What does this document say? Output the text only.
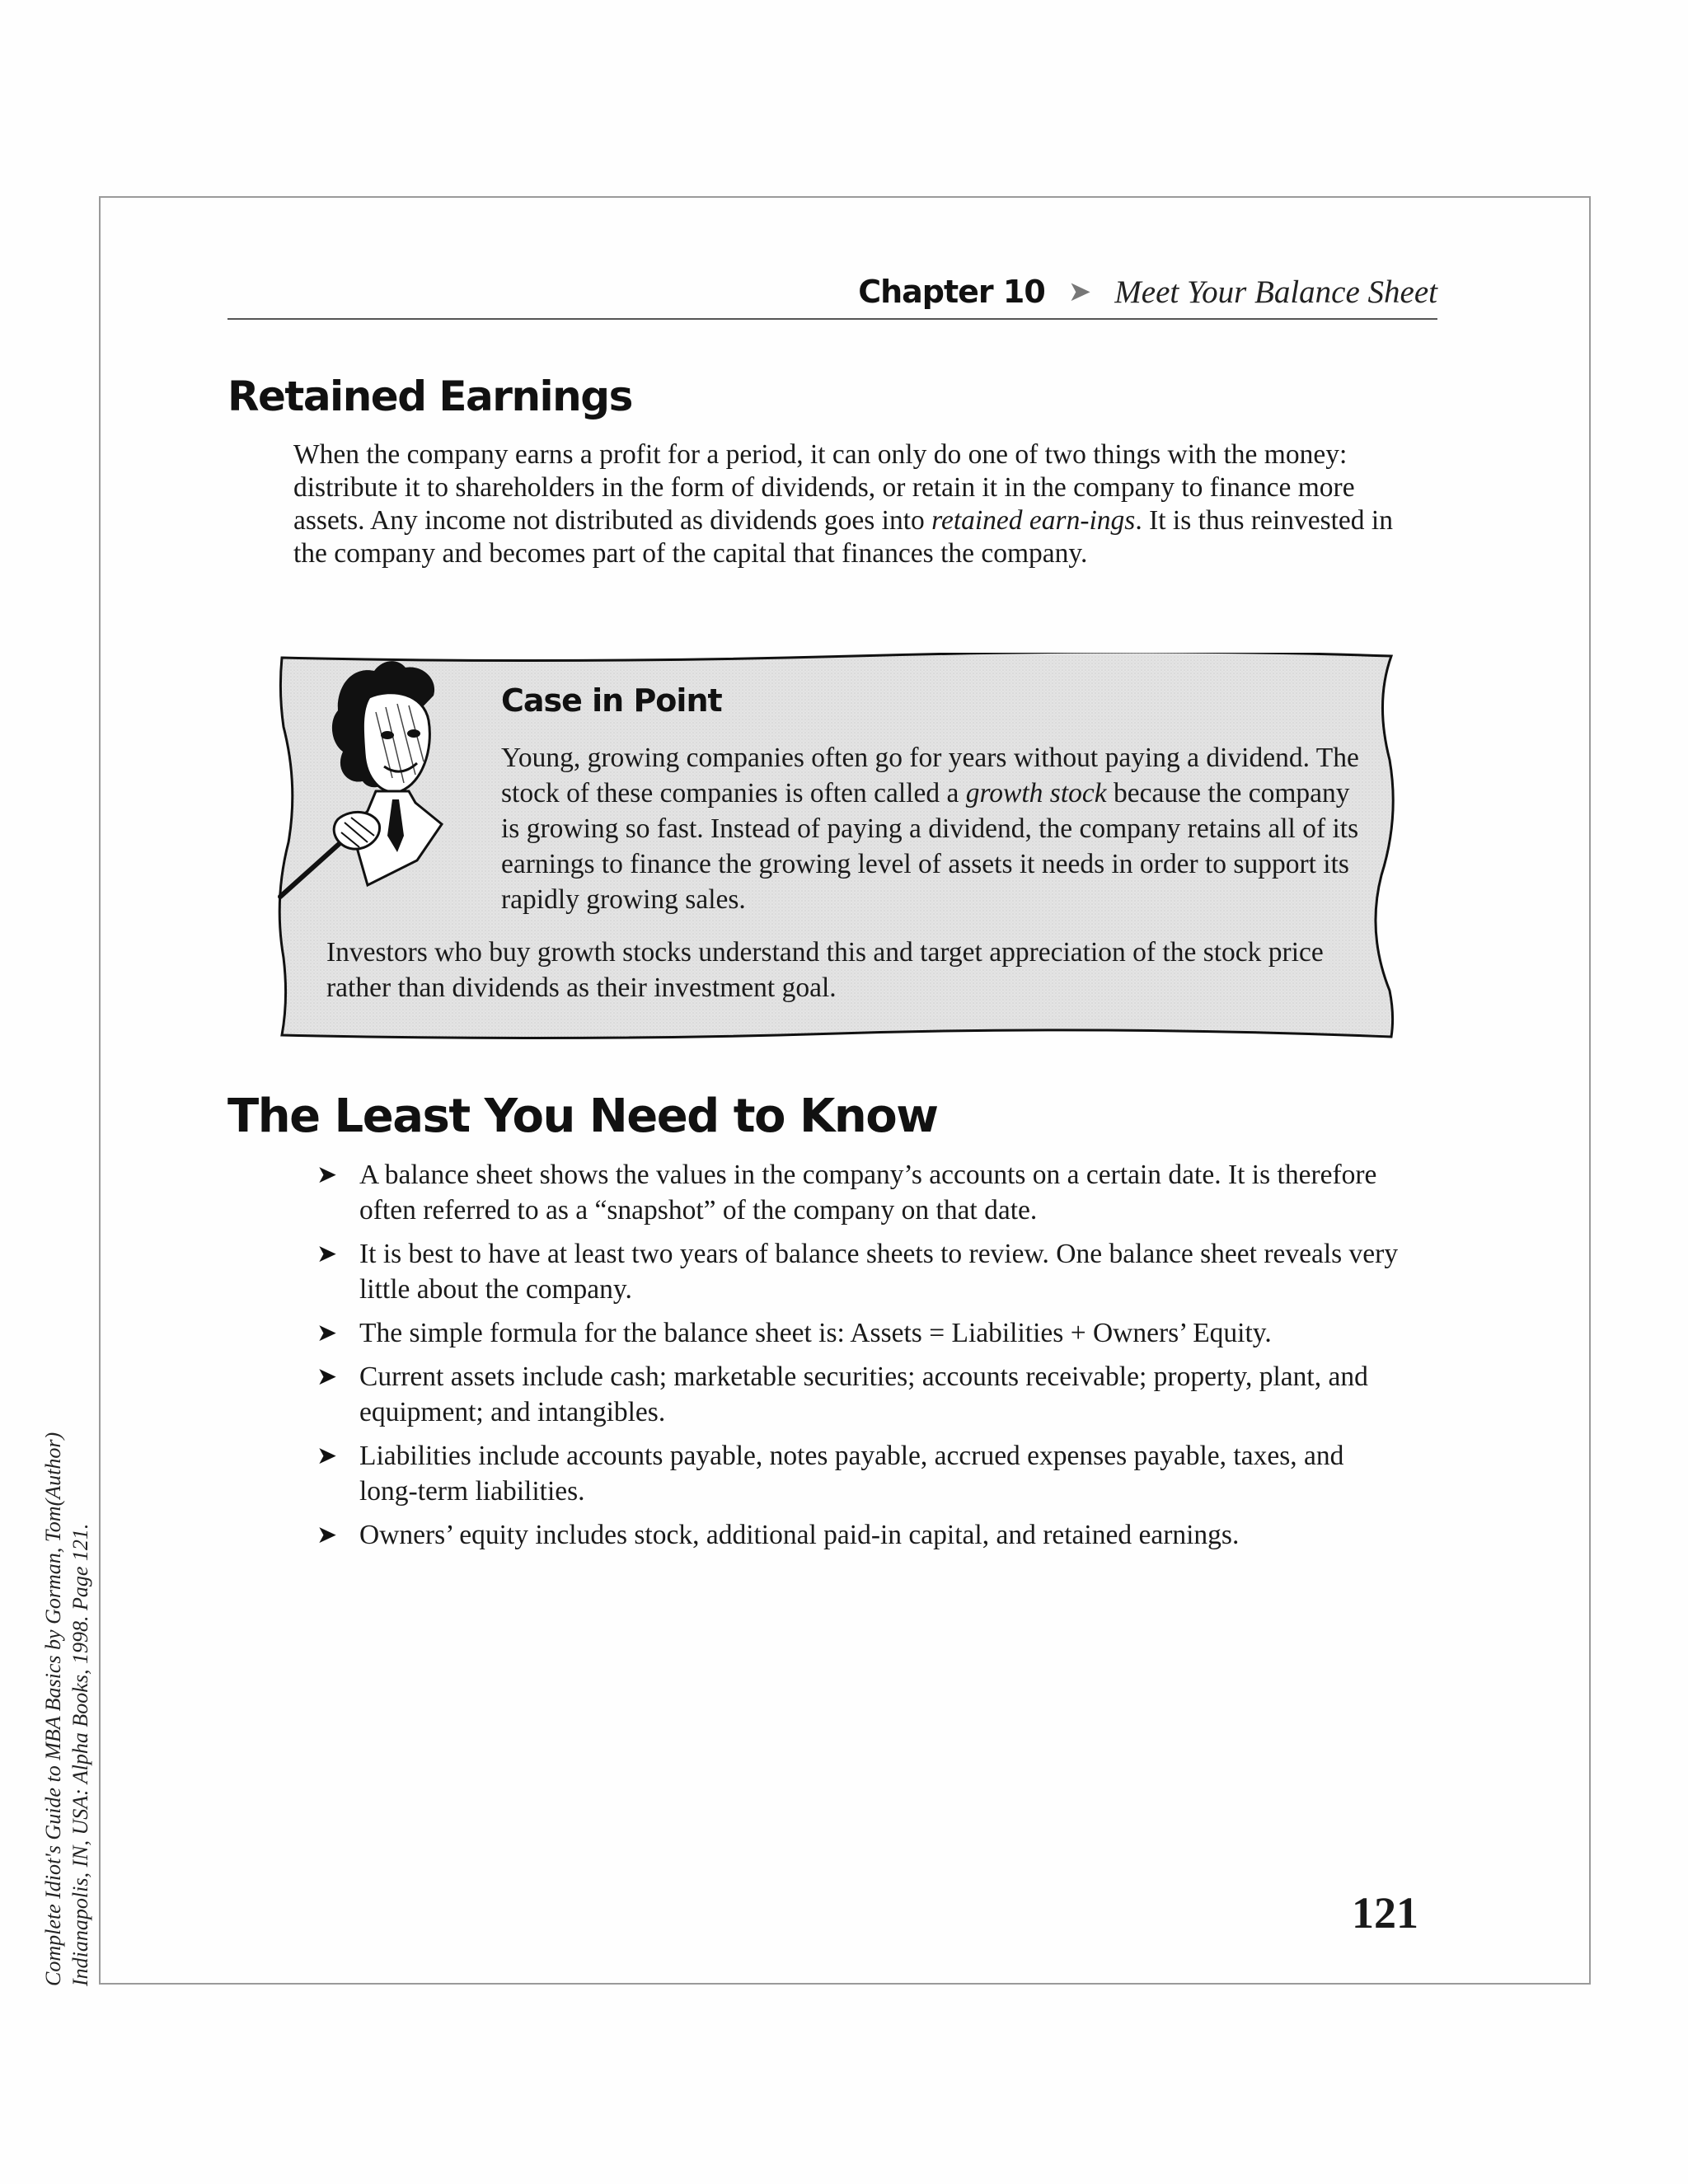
Chapter 10 ➤ Meet Your Balance Sheet
Retained Earnings

When the company earns a profit for a period, it can only do one of two things with the money: distribute it to shareholders in the form of dividends, or retain it in the company to finance more assets. Any income not distributed as dividends goes into retained earn-ings. It is thus reinvested in the company and becomes part of the capital that finances the company.

Case in Point

Young, growing companies often go for years without paying a dividend. The stock of these companies is often called a growth stock because the company is growing so fast. Instead of paying a dividend, the company retains all of its earnings to finance the growing level of assets it needs in order to support its rapidly growing sales.

Investors who buy growth stocks understand this and target appreciation of the stock price rather than dividends as their investment goal.

The Least You Need to Know
➤ A balance sheet shows the values in the company’s accounts on a certain date. It is therefore often referred to as a “snapshot” of the company on that date.
➤ It is best to have at least two years of balance sheets to review. One balance sheet reveals very little about the company.
➤ The simple formula for the balance sheet is: Assets = Liabilities + Owners’ Equity.
➤ Current assets include cash; marketable securities; accounts receivable; property, plant, and equipment; and intangibles.
➤ Liabilities include accounts payable, notes payable, accrued expenses payable, taxes, and long-term liabilities.
➤ Owners’ equity includes stock, additional paid-in capital, and retained earnings.
121
Complete Idiot's Guide to MBA Basics by Gorman, Tom(Author) Indianapolis, IN, USA: Alpha Books, 1998. Page 121.
